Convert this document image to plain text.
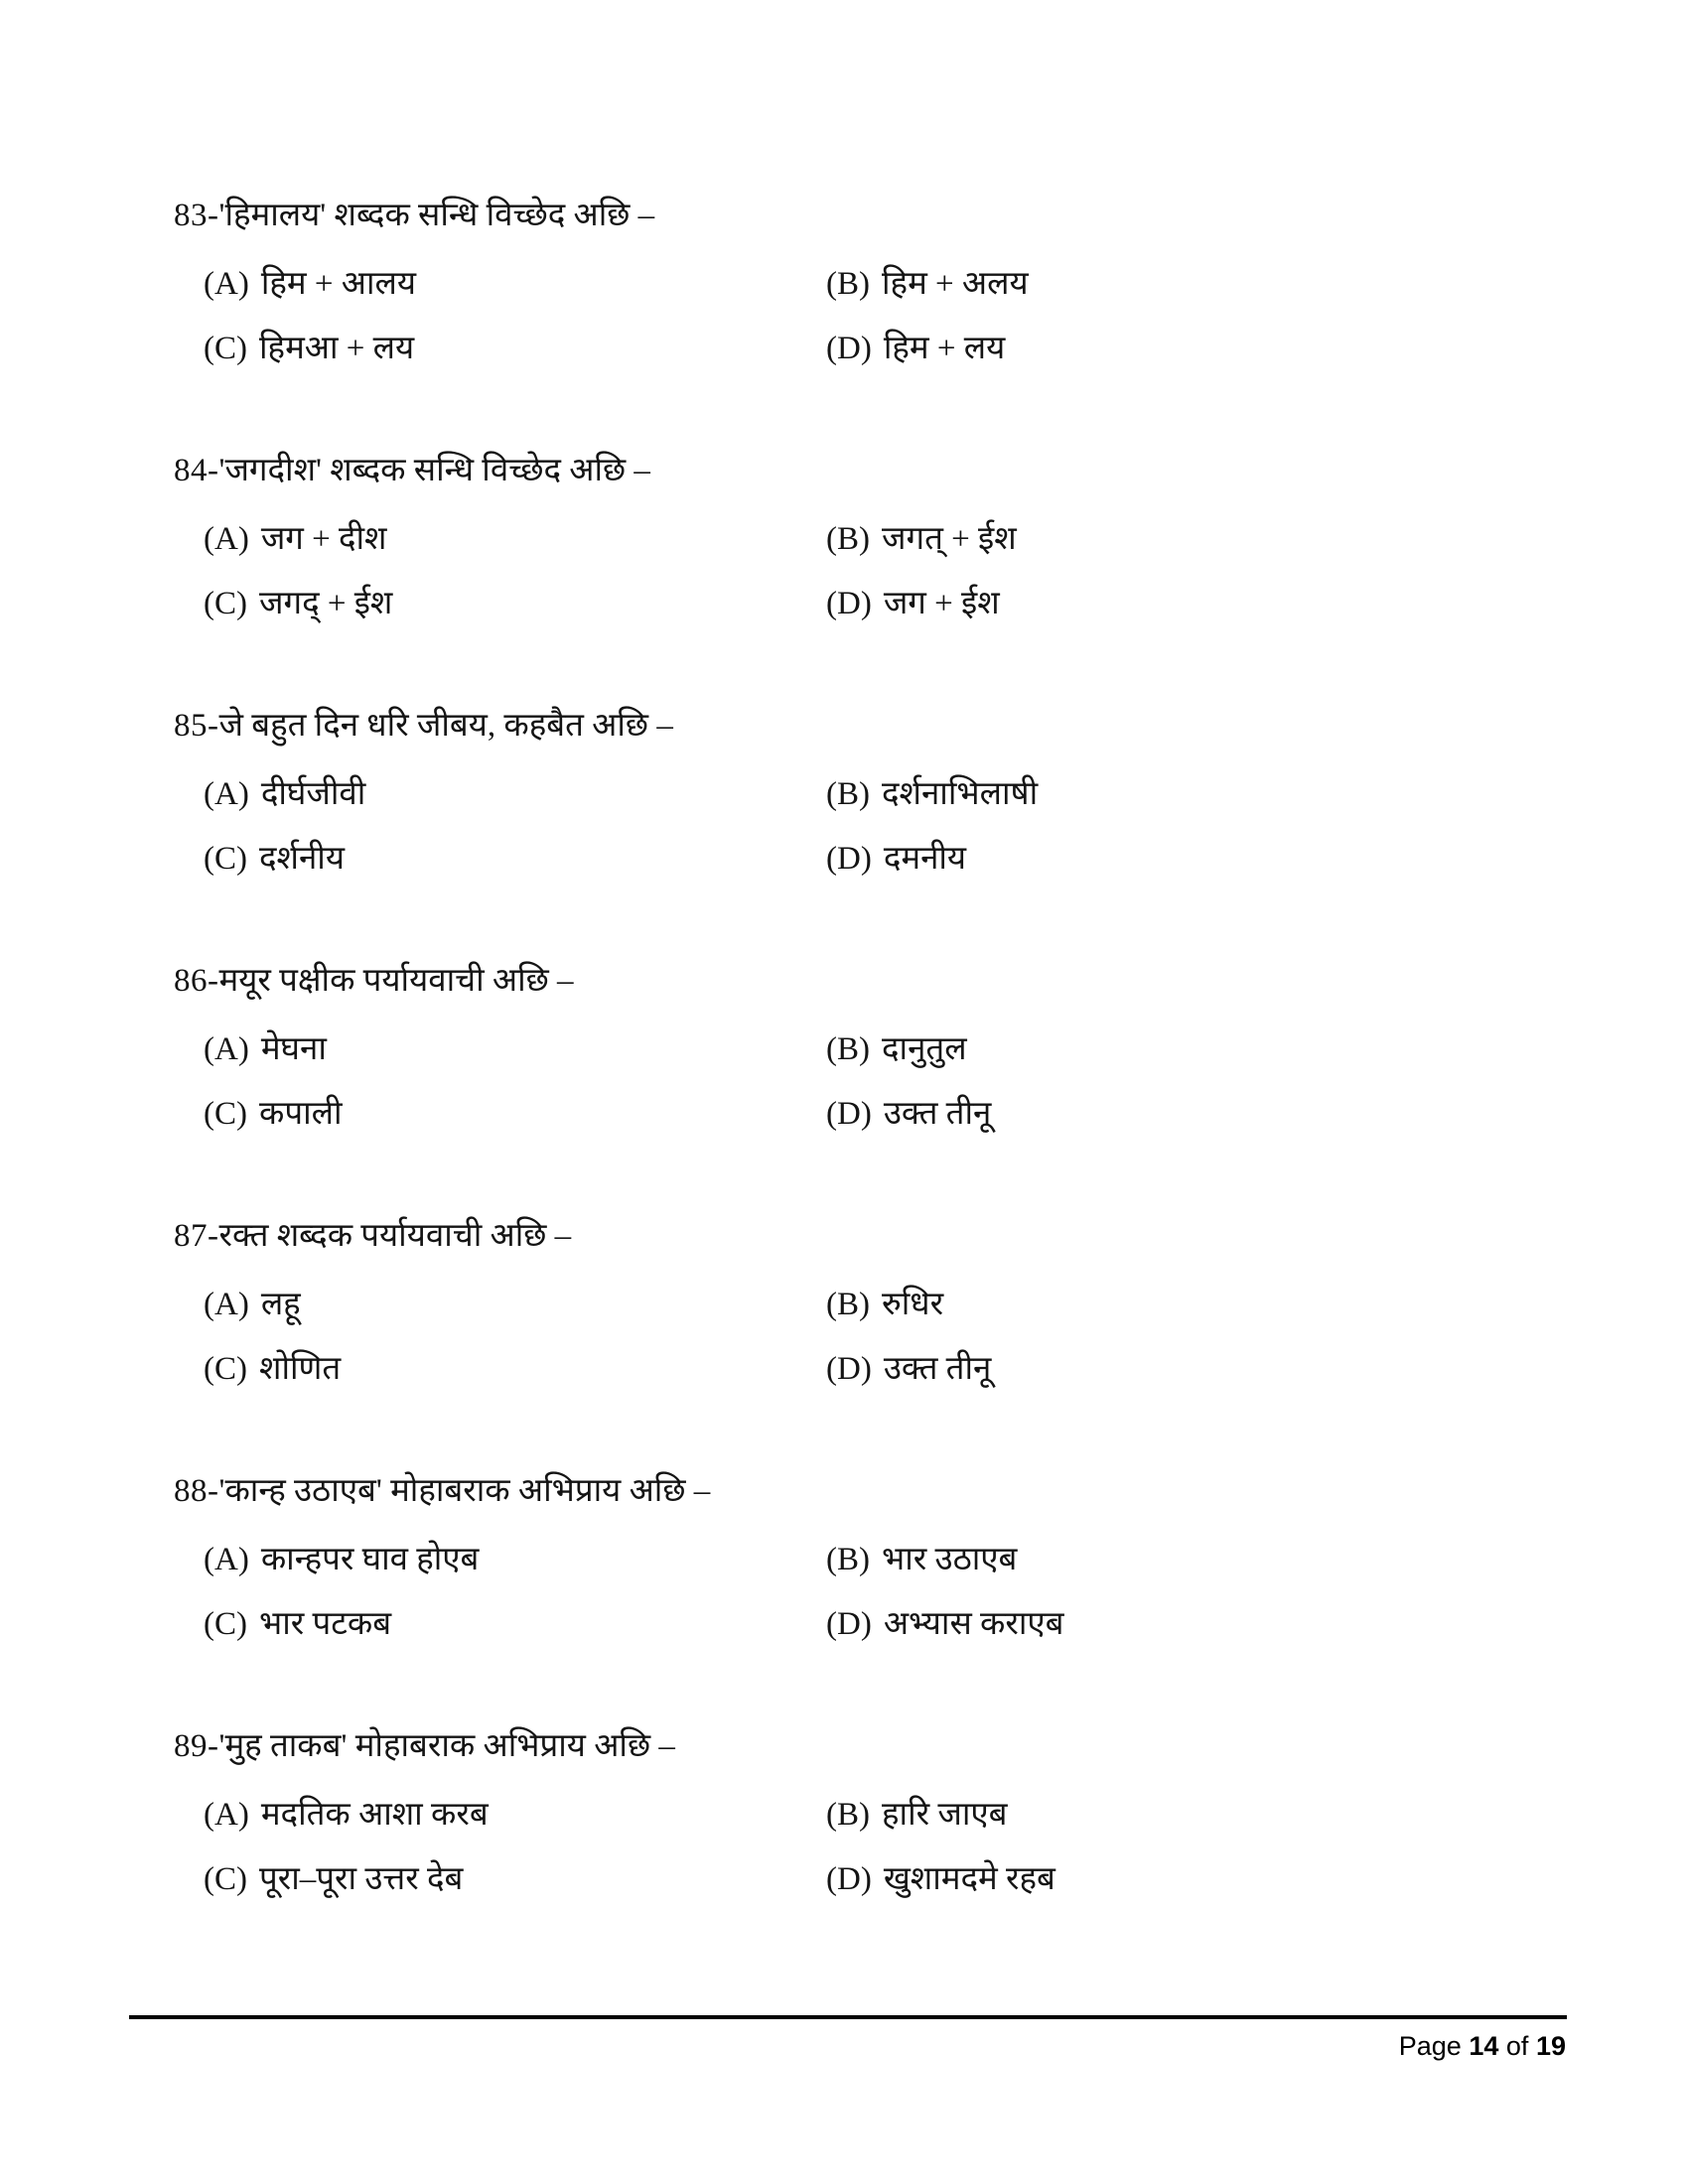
83-'हिमालय' शब्दक सन्धि विच्छेद अछि –
(A) हिम + आलय	(B) हिम + अलय
(C) हिमआ + लय	(D) हिम + लय
84-'जगदीश' शब्दक सन्धि विच्छेद अछि –
(A) जग + दीश	(B) जगत् + ईश
(C) जगद् + ईश	(D) जग + ईश
85-जे बहुत दिन धरि जीबय, कहबैत अछि –
(A) दीर्घजीवी	(B) दर्शनाभिलाषी
(C) दर्शनीय	(D) दमनीय
86-मयूर पक्षीक पर्यायवाची अछि –
(A) मेघना	(B) दानुतुल
(C) कपाली	(D) उक्त तीनू
87-रक्त शब्दक पर्यायवाची अछि –
(A) लहू	(B) रुधिर
(C) शोणित	(D) उक्त तीनू
88-'कान्ह उठाएब' मोहाबराक अभिप्राय अछि –
(A) कान्हपर घाव होएब	(B) भार उठाएब
(C) भार पटकब	(D) अभ्यास कराएब
89-'मुह ताकब' मोहाबराक अभिप्राय अछि –
(A) मदतिक आशा करब	(B) हारि जाएब
(C) पूरा–पूरा उत्तर देब	(D) खुशामदमे रहब
Page 14 of 19
